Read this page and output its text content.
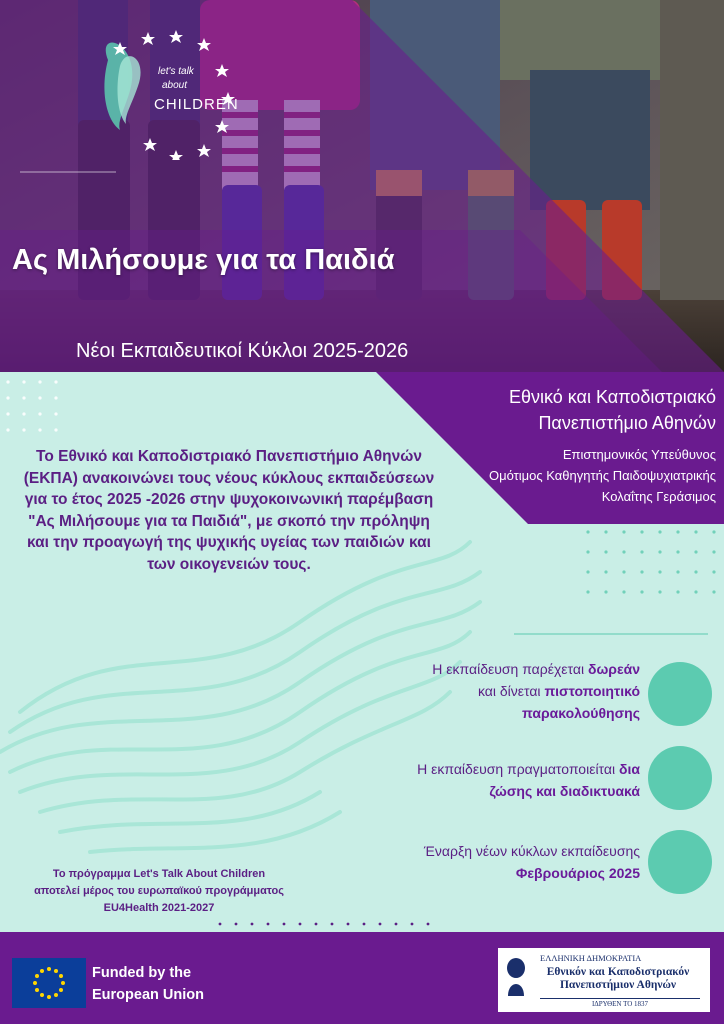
let's talk
about
CHILDREN
Ας Μιλήσουμε για τα Παιδιά
Νέοι Εκπαιδευτικοί Κύκλοι 2025-2026
Εθνικό και Καποδιστριακό
Πανεπιστήμιο Αθηνών
Επιστημονικός Υπεύθυνος
Ομότιμος Καθηγητής Παιδοψυχιατρικής
Κολαΐτης Γεράσιμος
Το Εθνικό και Καποδιστριακό Πανεπιστήμιο Αθηνών (ΕΚΠΑ) ανακοινώνει τους νέους κύκλους εκπαιδεύσεων για το έτος 2025 -2026 στην ψυχοκοινωνική παρέμβαση "Ας Μιλήσουμε για τα Παιδιά", με σκοπό την πρόληψη και την προαγωγή της ψυχικής υγείας των παιδιών και των οικογενειών τους.
Η εκπαίδευση παρέχεται δωρεάν
και δίνεται πιστοποιητικό
παρακολούθησης
Η εκπαίδευση πραγματοποιείται δια
ζώσης και διαδικτυακά
Έναρξη νέων κύκλων εκπαίδευσης
Φεβρουάριος 2025
Το πρόγραμμα Let's Talk About Children
αποτελεί μέρος του ευρωπαϊκού προγράμματος
EU4Health 2021-2027
Funded by the
European Union
ΕΛΛΗΝΙΚΗ ΔΗΜΟΚΡΑΤΙΑ
Εθνικόν και Καποδιστριακόν
Πανεπιστήμιον Αθηνών
ΙΔΡΥΘΕΝ ΤΟ 1837
